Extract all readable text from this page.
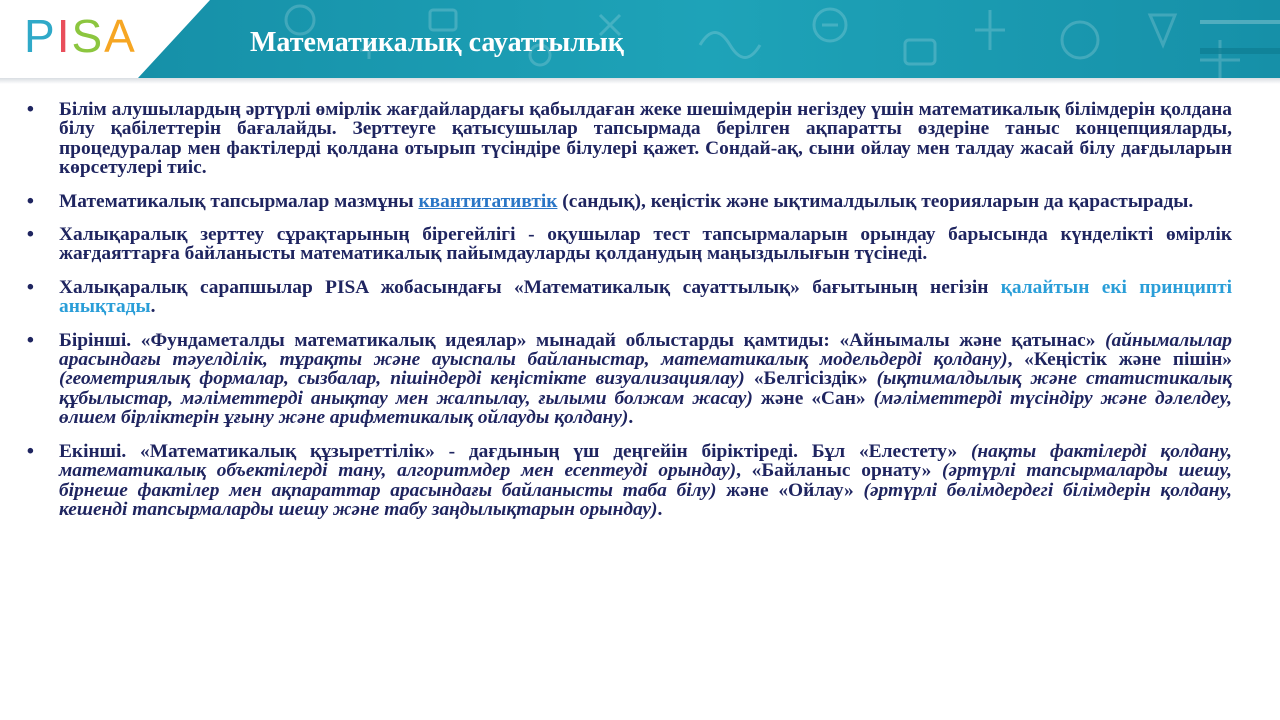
P I S A	Математикалық сауаттылық
• Білім алушылардың әртүрлі өмірлік жағдайлардағы қабылдаған жеке шешімдерін негіздеу үшін математикалық білімдерін қолдана білу қабілеттерін бағалайды. Зерттеуге қатысушылар тапсырмада берілген ақпаратты өздеріне таныс концепцияларды, процедуралар мен фактілерді қолдана отырып түсіндіре білулері қажет. Сондай-ақ, сыни ойлау мен талдау жасай білу дағдыларын көрсетулері тиіс.
• Математикалық тапсырмалар мазмұны квантитативтік (сандық), кеңістік және ықтималдылық теорияларын да қарастырады.
• Халықаралық зерттеу сұрақтарының бірегейлігі - оқушылар тест тапсырмаларын орындау барысында күнделікті өмірлік жағдаяттарға байланысты математикалық пайымдауларды қолданудың маңыздылығын түсінеді.
• Халықаралық сарапшылар PISA жобасындағы «Математикалық сауаттылық» бағытының негізін қалайтын екі принципті анықтады.
• Бірінші. «Фундаметалды математикалық идеялар» мынадай облыстарды қамтиды: «Айнымалы және қатынас» (айнымалылар арасындағы тәуелділік, тұрақты және ауыспалы байланыстар, математикалық модельдерді қолдану), «Кеңістік және пішін» (геометриялық формалар, сызбалар, пішіндерді кеңістікте визуализациялау) «Белгісіздік» (ықтималдылық және статистикалық құбылыстар, мәліметтерді анықтау мен жалпылау, ғылыми болжам жасау) және «Сан» (мәліметтерді түсіндіру және дәлелдеу, өлшем бірліктерін ұғыну және арифметикалық ойлауды қолдану).
• Екінші. «Математикалық құзыреттілік» - дағдының үш деңгейін біріктіреді. Бұл «Елестету» (нақты фактілерді қолдану, математикалық объектілерді тану, алгоритмдер мен есептеуді орындау), «Байланыс орнату» (әртүрлі тапсырмаларды шешу, бірнеше фактілер мен ақпараттар арасындағы байланысты таба білу) және «Ойлау» (әртүрлі бөлімдердегі білімдерін қолдану, кешенді тапсырмаларды шешу және табу заңдылықтарын орындау).
